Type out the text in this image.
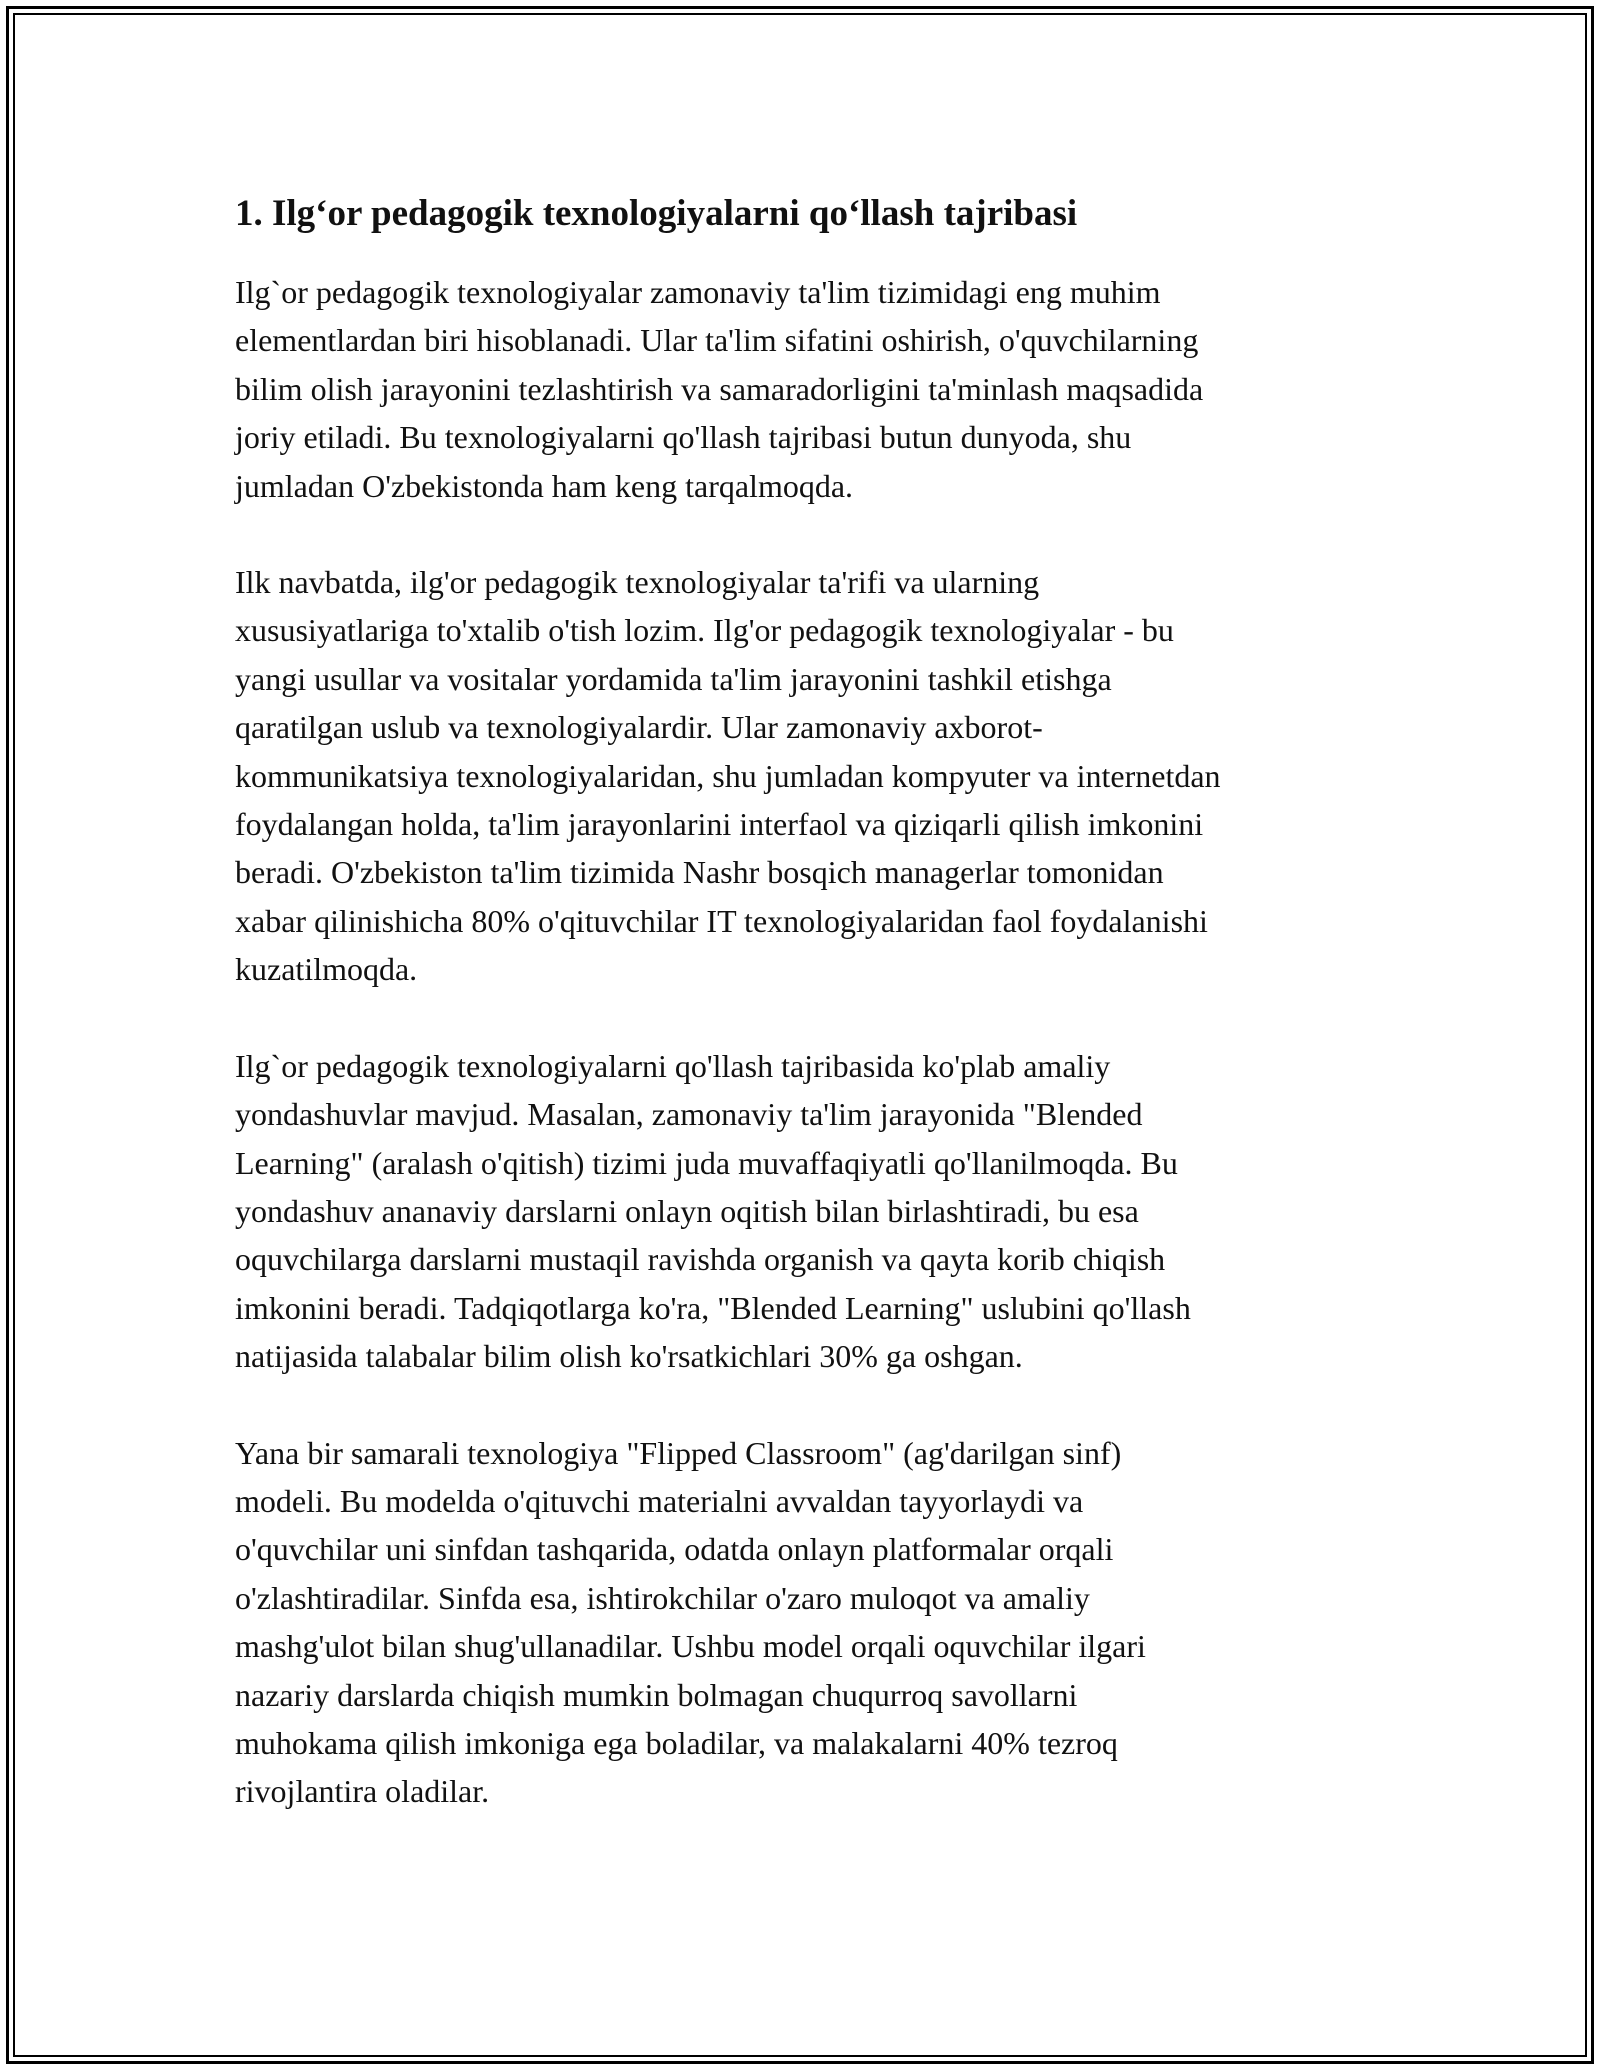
1. Ilg‘or pedagogik texnologiyalarni qo‘llash tajribasi

Ilg`or pedagogik texnologiyalar zamonaviy ta'lim tizimidagi eng muhim
elementlardan biri hisoblanadi. Ular ta'lim sifatini oshirish, o'quvchilarning
bilim olish jarayonini tezlashtirish va samaradorligini ta'minlash maqsadida
joriy etiladi. Bu texnologiyalarni qo'llash tajribasi butun dunyoda, shu
jumladan O'zbekistonda ham keng tarqalmoqda.

Ilk navbatda, ilg'or pedagogik texnologiyalar ta'rifi va ularning
xususiyatlariga to'xtalib o'tish lozim. Ilg'or pedagogik texnologiyalar - bu
yangi usullar va vositalar yordamida ta'lim jarayonini tashkil etishga
qaratilgan uslub va texnologiyalardir. Ular zamonaviy axborot-
kommunikatsiya texnologiyalaridan, shu jumladan kompyuter va internetdan
foydalangan holda, ta'lim jarayonlarini interfaol va qiziqarli qilish imkonini
beradi. O'zbekiston ta'lim tizimida Nashr bosqich managerlar tomonidan
xabar qilinishicha 80% o'qituvchilar IT texnologiyalaridan faol foydalanishi
kuzatilmoqda.

Ilg`or pedagogik texnologiyalarni qo'llash tajribasida ko'plab amaliy
yondashuvlar mavjud. Masalan, zamonaviy ta'lim jarayonida "Blended
Learning" (aralash o'qitish) tizimi juda muvaffaqiyatli qo'llanilmoqda. Bu
yondashuv ananaviy darslarni onlayn oqitish bilan birlashtiradi, bu esa
oquvchilarga darslarni mustaqil ravishda organish va qayta korib chiqish
imkonini beradi. Tadqiqotlarga ko'ra, "Blended Learning" uslubini qo'llash
natijasida talabalar bilim olish ko'rsatkichlari 30% ga oshgan.

Yana bir samarali texnologiya "Flipped Classroom" (ag'darilgan sinf)
modeli. Bu modelda o'qituvchi materialni avvaldan tayyorlaydi va
o'quvchilar uni sinfdan tashqarida, odatda onlayn platformalar orqali
o'zlashtiradilar. Sinfda esa, ishtirokchilar o'zaro muloqot va amaliy
mashg'ulot bilan shug'ullanadilar. Ushbu model orqali oquvchilar ilgari
nazariy darslarda chiqish mumkin bolmagan chuqurroq savollarni
muhokama qilish imkoniga ega boladilar, va malakalarni 40% tezroq
rivojlantira oladilar.
